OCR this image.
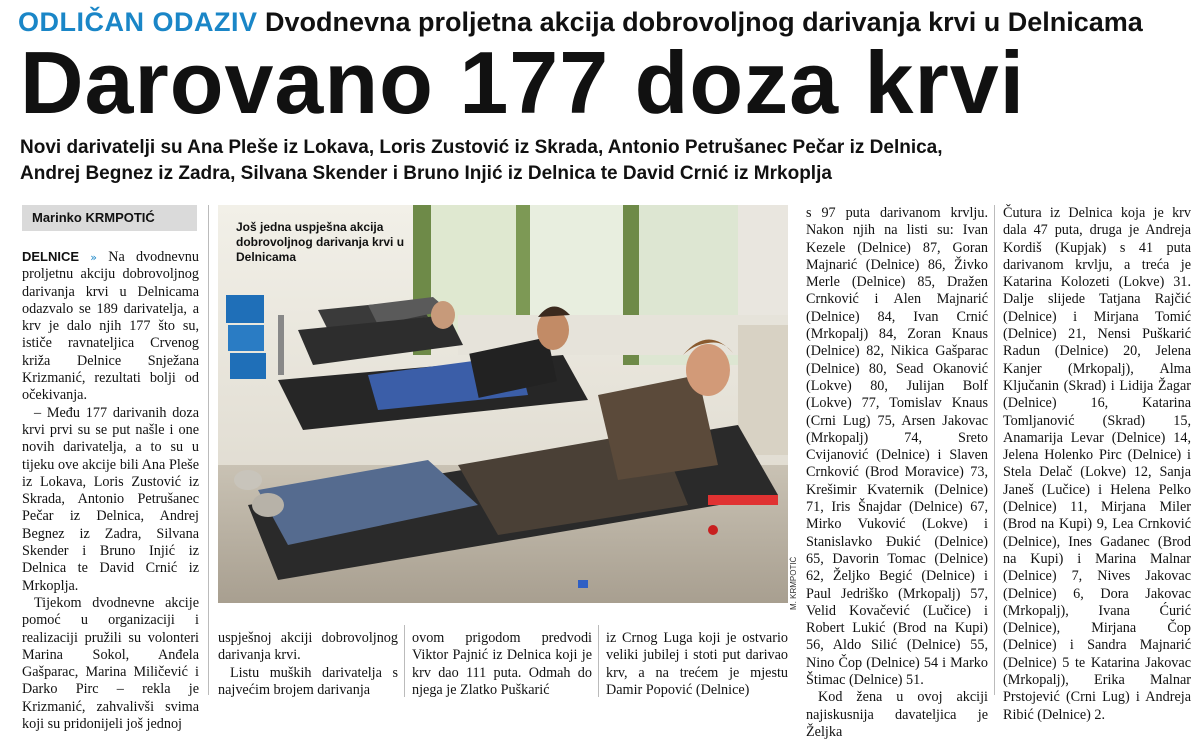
ODLIČAN ODAZIV Dvodnevna proljetna akcija dobrovoljnog darivanja krvi u Delnicama
Darovano 177 doza krvi
Novi darivatelji su Ana Pleše iz Lokava, Loris Zustović iz Skrada, Antonio Petrušanec Pečar iz Delnica,
Andrej Begnez iz Zadra, Silvana Skender i Bruno Injić iz Delnica te David Crnić iz Mrkoplja
Marinko KRMPOTIĆ

DELNICE » Na dvodnevnu proljetnu akciju dobrovoljnog darivanja krvi u Delnicama odazvalo se 189 darivatelja, a krv je dalo njih 177 što su, ističe ravnateljica Crvenog križa Delnice Snježana Krizmanić, rezultati bolji od očekivanja.

– Među 177 darivanih doza krvi prvi su se put našle i one novih darivatelja, a to su u tijeku ove akcije bili Ana Pleše iz Lokava, Loris Zustović iz Skrada, Antonio Petrušanec Pečar iz Delnica, Andrej Begnez iz Zadra, Silvana Skender i Bruno Injić iz Delnica te David Crnić iz Mrkoplja.

Tijekom dvodnevne akcije pomoć u organizaciji i realizaciji pružili su volonteri Marina Sokol, Anđela Gašparac, Marina Miličević i Darko Pirc – rekla je Krizmanić, zahvalivši svima koji su pridonijeli još jednoj

Još jedna uspješna akcija dobrovoljnog darivanja krvi u Delnicama
M. KRMPOTIĆ

uspješnoj akciji dobrovoljnog darivanja krvi.

Listu muških darivatelja s najvećim brojem darivanja

ovom prigodom predvodi Viktor Pajnić iz Delnica koji je krv dao 111 puta. Odmah do njega je Zlatko Puškarić

iz Crnog Luga koji je ostvario veliki jubilej i stoti put darivao krv, a na trećem je mjestu Damir Popović (Delnice)

s 97 puta darivanom krvlju. Nakon njih na listi su: Ivan Kezele (Delnice) 87, Goran Majnarić (Delnice) 86, Živko Merle (Delnice) 85, Dražen Crnković i Alen Majnarić (Delnice) 84, Ivan Crnić (Mrkopalj) 84, Zoran Knaus (Delnice) 82, Nikica Gašparac (Delnice) 80, Sead Okanović (Lokve) 80, Julijan Bolf (Lokve) 77, Tomislav Knaus (Crni Lug) 75, Arsen Jakovac (Mrkopalj) 74, Sreto Cvijanović (Delnice) i Slaven Crnković (Brod Moravice) 73, Krešimir Kvaternik (Delnice) 71, Iris Šnajdar (Delnice) 67, Mirko Vuković (Lokve) i Stanislavko Đukić (Delnice) 65, Davorin Tomac (Delnice) 62, Željko Begić (Delnice) i Paul Jedriško (Mrkopalj) 57, Velid Kovačević (Lučice) i Robert Lukić (Brod na Kupi) 56, Aldo Silić (Delnice) 55, Nino Čop (Delnice) 54 i Marko Štimac (Delnice) 51.

Kod žena u ovoj akciji najiskusnija davateljica je Željka

Čutura iz Delnica koja je krv dala 47 puta, druga je Andreja Kordiš (Kupjak) s 41 puta darivanom krvlju, a treća je Katarina Kolozeti (Lokve) 31. Dalje slijede Tatjana Rajčić (Delnice) i Mirjana Tomić (Delnice) 21, Nensi Puškarić Radun (Delnice) 20, Jelena Kanjer (Mrkopalj), Alma Ključanin (Skrad) i Lidija Žagar (Delnice) 16, Katarina Tomljanović (Skrad) 15, Anamarija Levar (Delnice) 14, Jelena Holenko Pirc (Delnice) i Stela Delač (Lokve) 12, Sanja Janeš (Lučice) i Helena Pelko (Delnice) 11, Mirjana Miler (Brod na Kupi) 9, Lea Crnković (Delnice), Ines Gadanec (Brod na Kupi) i Marina Malnar (Delnice) 7, Nives Jakovac (Delnice) 6, Dora Jakovac (Mrkopalj), Ivana Ćurić (Delnice), Mirjana Čop (Delnice) i Sandra Majnarić (Delnice) 5 te Katarina Jakovac (Mrkopalj), Erika Malnar Prstojević (Crni Lug) i Andreja Ribić (Delnice) 2.
